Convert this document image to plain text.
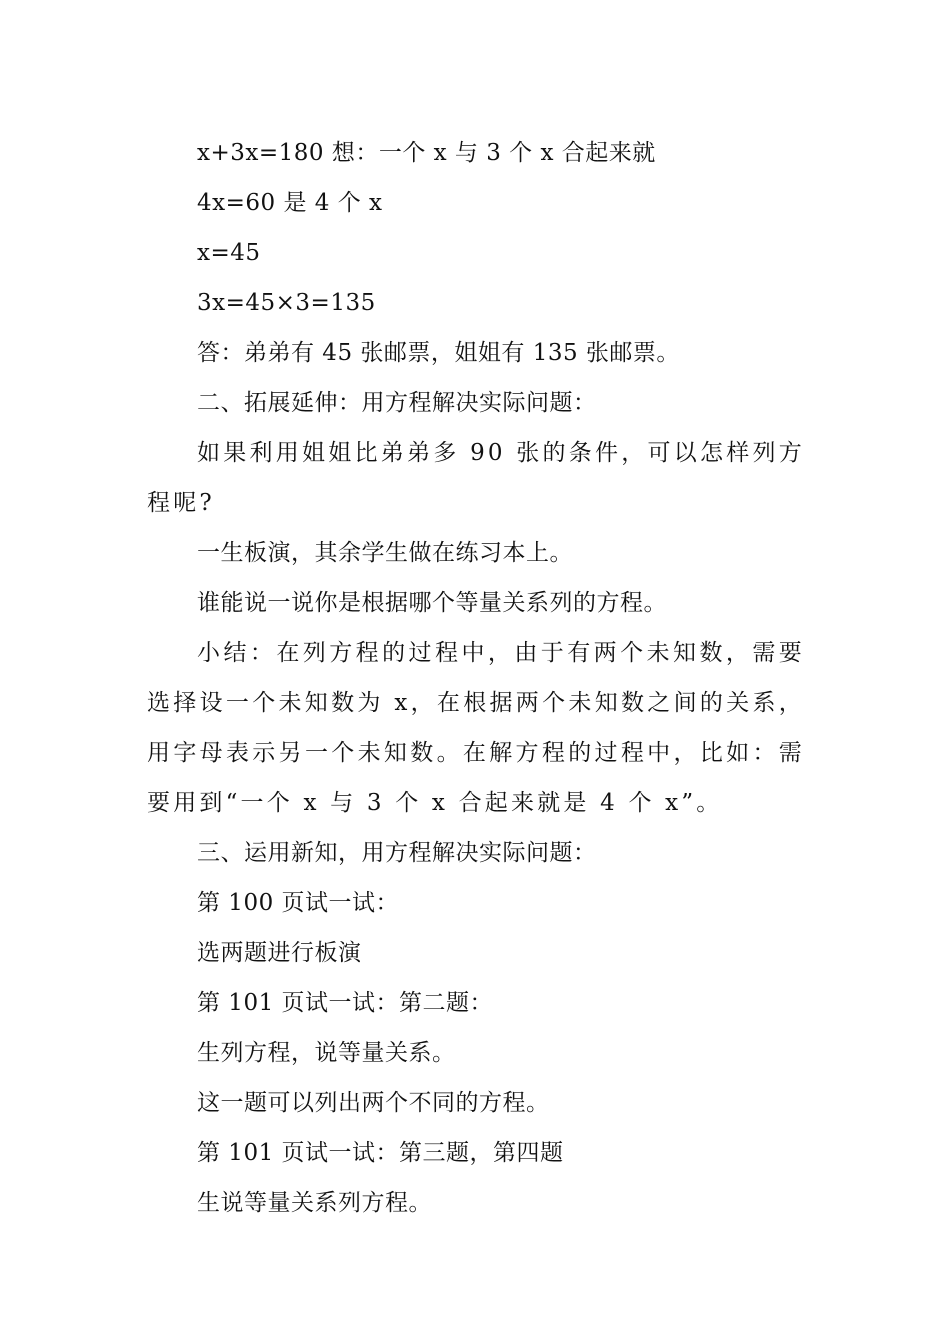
x+3x=180 想：一个 x 与 3 个 x 合起来就
4x=60 是 4 个 x
x=45
3x=45×3=135
答：弟弟有 45 张邮票，姐姐有 135 张邮票。
二、拓展延伸：用方程解决实际问题：
如果利用姐姐比弟弟多 90 张的条件，可以怎样列方程呢?
一生板演，其余学生做在练习本上。
谁能说一说你是根据哪个等量关系列的方程。
小结：在列方程的过程中，由于有两个未知数，需要选择设一个未知数为 x，在根据两个未知数之间的关系，用字母表示另一个未知数。在解方程的过程中，比如：需要用到“一个 x 与 3 个 x 合起来就是 4 个 x”。
三、运用新知，用方程解决实际问题：
第 100 页试一试：
选两题进行板演
第 101 页试一试：第二题：
生列方程，说等量关系。
这一题可以列出两个不同的方程。
第 101 页试一试：第三题，第四题
生说等量关系列方程。
